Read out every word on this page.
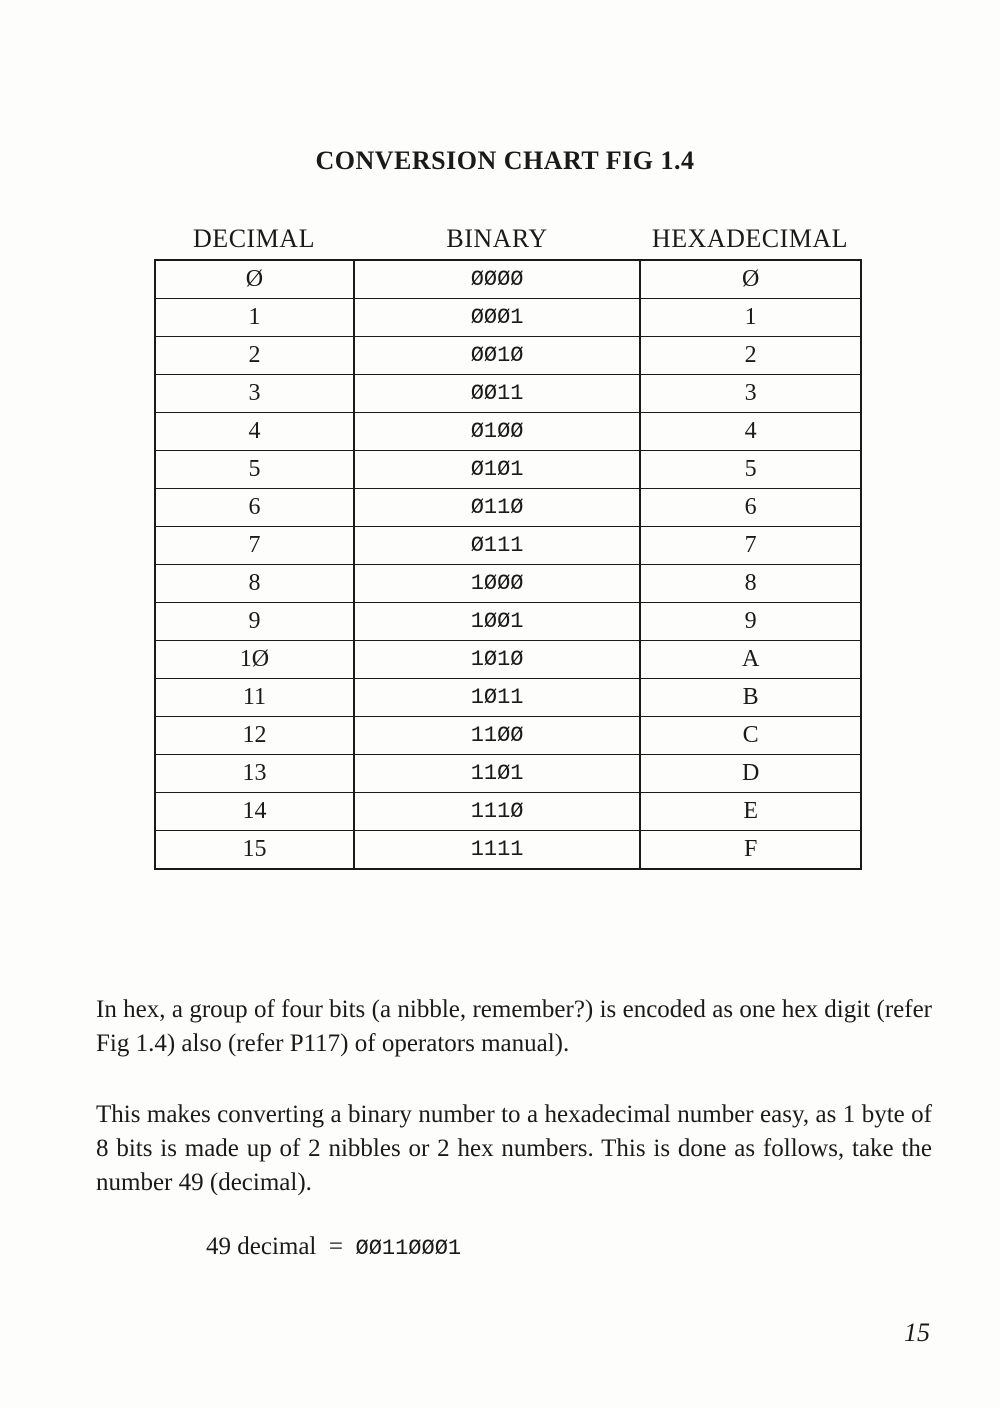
CONVERSION CHART FIG 1.4
DECIMAL	BINARY	HEXADECIMAL
Ø	ØØØØ	Ø
1	ØØØ1	1
2	ØØ1Ø	2
3	ØØ11	3
4	Ø1ØØ	4
5	Ø1Ø1	5
6	Ø11Ø	6
7	Ø111	7
8	1ØØØ	8
9	1ØØ1	9
1Ø	1Ø1Ø	A
11	1Ø11	B
12	11ØØ	C
13	11Ø1	D
14	111Ø	E
15	1111	F
In hex, a group of four bits (a nibble, remember?) is encoded as one hex digit (refer Fig 1.4) also (refer P117) of operators manual).
This makes converting a binary number to a hexadecimal number easy, as 1 byte of 8 bits is made up of 2 nibbles or 2 hex numbers. This is done as follows, take the number 49 (decimal).
49 decimal = ØØ11ØØØ1
15
